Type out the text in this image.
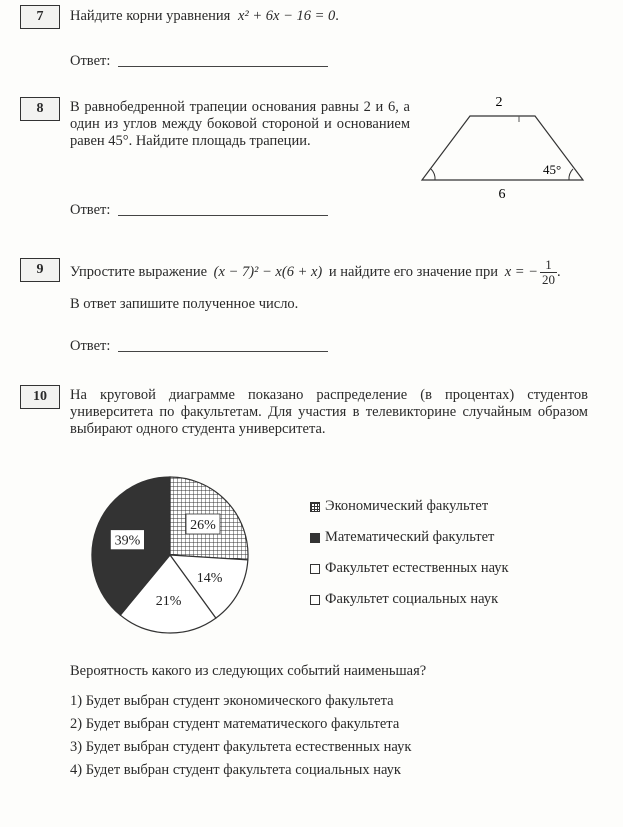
7	Найдите корни уравнения x² + 6x − 16 = 0.
Ответ:
8	В равнобедренной трапеции основания равны 2 и 6, а один из углов между боковой стороной и основанием равен 45°. Найдите площадь трапеции.
2
6
45°
Ответ:
9	Упростите выражение (x − 7)² − x(6 + x) и найдите его значение при x = − $\frac{1}{20}$ .
В ответ запишите полученное число.
Ответ:
10	На круговой диаграмме показано распределение (в процентах) студентов университета по факультетам. Для участия в телевикторине случайным образом выбирают одного студента университета.
26%
14%
21%
39%
Экономический факультет
Математический факультет
Факультет естественных наук
Факультет социальных наук
Вероятность какого из следующих событий наименьшая?
1) Будет выбран студент экономического факультета
2) Будет выбран студент математического факультета
3) Будет выбран студент факультета естественных наук
4) Будет выбран студент факультета социальных наук
